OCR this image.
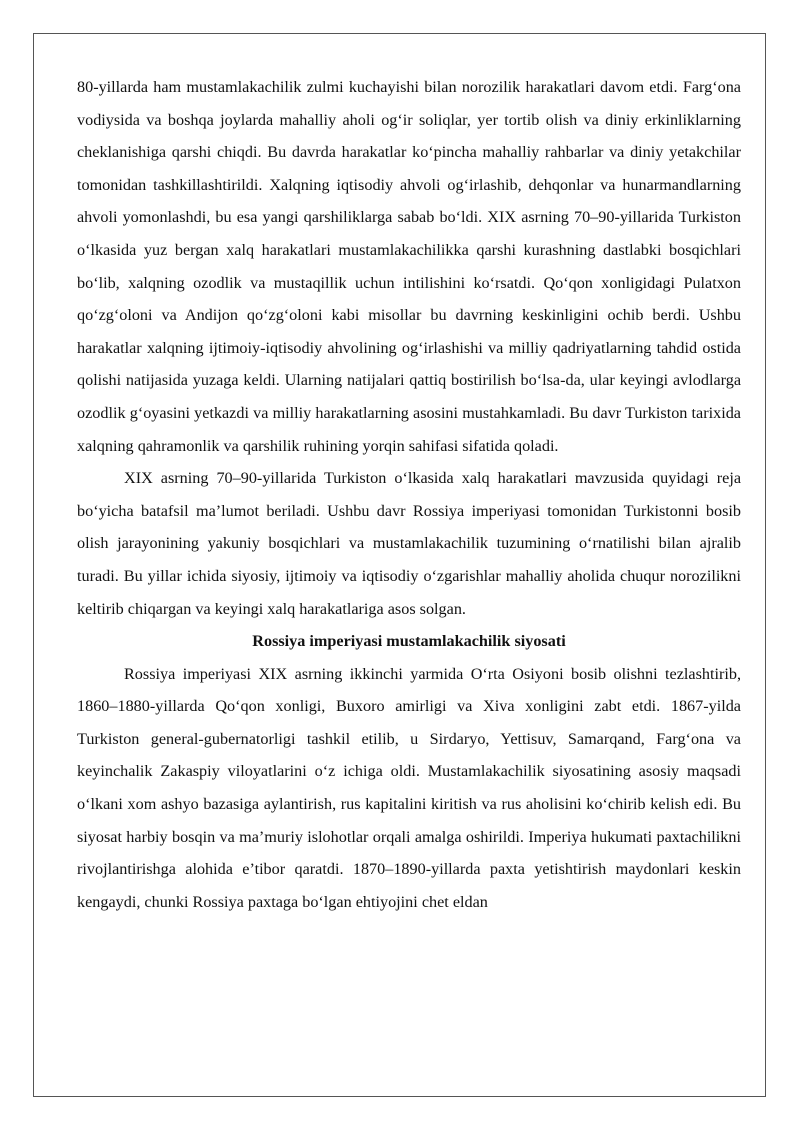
80-yillarda ham mustamlakachilik zulmi kuchayishi bilan norozilik harakatlari davom etdi. Farg‘ona vodiysida va boshqa joylarda mahalliy aholi og‘ir soliqlar, yer tortib olish va diniy erkinliklarning cheklanishiga qarshi chiqdi. Bu davrda harakatlar ko‘pincha mahalliy rahbarlar va diniy yetakchilar tomonidan tashkillashtirildi. Xalqning iqtisodiy ahvoli og‘irlashib, dehqonlar va hunarmandlarning ahvoli yomonlashdi, bu esa yangi qarshiliklarga sabab bo‘ldi. XIX asrning 70–90-yillarida Turkiston o‘lkasida yuz bergan xalq harakatlari mustamlakachilikka qarshi kurashning dastlabki bosqichlari bo‘lib, xalqning ozodlik va mustaqillik uchun intilishini ko‘rsatdi. Qo‘qon xonligidagi Pulatxon qo‘zg‘oloni va Andijon qo‘zg‘oloni kabi misollar bu davrning keskinligini ochib berdi. Ushbu harakatlar xalqning ijtimoiy-iqtisodiy ahvolining og‘irlashishi va milliy qadriyatlarning tahdid ostida qolishi natijasida yuzaga keldi. Ularning natijalari qattiq bostirilish bo‘lsa-da, ular keyingi avlodlarga ozodlik g‘oyasini yetkazdi va milliy harakatlarning asosini mustahkamladi. Bu davr Turkiston tarixida xalqning qahramonlik va qarshilik ruhining yorqin sahifasi sifatida qoladi.

XIX asrning 70–90-yillarida Turkiston o‘lkasida xalq harakatlari mavzusida quyidagi reja bo‘yicha batafsil ma’lumot beriladi. Ushbu davr Rossiya imperiyasi tomonidan Turkistonni bosib olish jarayonining yakuniy bosqichlari va mustamlakachilik tuzumining o‘rnatilishi bilan ajralib turadi. Bu yillar ichida siyosiy, ijtimoiy va iqtisodiy o‘zgarishlar mahalliy aholida chuqur norozilikni keltirib chiqargan va keyingi xalq harakatlariga asos solgan.

Rossiya imperiyasi mustamlakachilik siyosati

Rossiya imperiyasi XIX asrning ikkinchi yarmida O‘rta Osiyoni bosib olishni tezlashtirib, 1860–1880-yillarda Qo‘qon xonligi, Buxoro amirligi va Xiva xonligini zabt etdi. 1867-yilda Turkiston general-gubernatorligi tashkil etilib, u Sirdaryo, Yettisuv, Samarqand, Farg‘ona va keyinchalik Zakaspiy viloyatlarini o‘z ichiga oldi. Mustamlakachilik siyosatining asosiy maqsadi o‘lkani xom ashyo bazasiga aylantirish, rus kapitalini kiritish va rus aholisini ko‘chirib kelish edi. Bu siyosat harbiy bosqin va ma’muriy islohotlar orqali amalga oshirildi. Imperiya hukumati paxtachilikni rivojlantirishga alohida e’tibor qaratdi. 1870–1890-yillarda paxta yetishtirish maydonlari keskin kengaydi, chunki Rossiya paxtaga bo‘lgan ehtiyojini chet eldan
